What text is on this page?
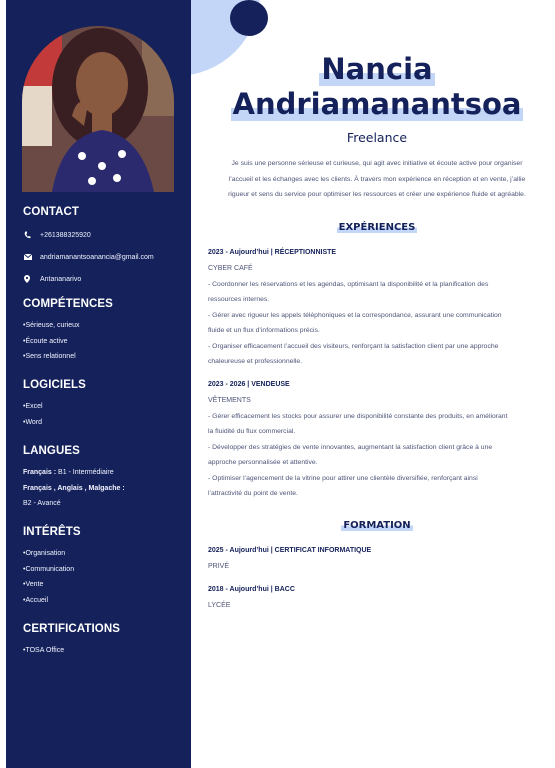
CONTACT
+261388325920
andriamanantsoanancia@gmail.com
Antananarivo
COMPÉTENCES
• Sérieuse, curieux
• Écoute active
• Sens relationnel
LOGICIELS
• Excel
• Word
LANGUES
Français : B1 - Intermédiaire
Français , Anglais , Malgache :
B2 - Avancé
INTÉRÊTS
• Organisation
• Communication
• Vente
• Accueil
CERTIFICATIONS
• TOSA Office
Nancia
Andriamanantsoa
Freelance
Je suis une personne sérieuse et curieuse, qui agit avec initiative et écoute active pour organiser
l’accueil et les échanges avec les clients. À travers mon expérience en réception et en vente, j’allie
rigueur et sens du service pour optimiser les ressources et créer une expérience fluide et agréable.
EXPÉRIENCES
2023 - Aujourd’hui | RÉCEPTIONNISTE
CYBER CAFÉ
- Coordonner les réservations et les agendas, optimisant la disponibilité et la planification des
ressources internes.
- Gérer avec rigueur les appels téléphoniques et la correspondance, assurant une communication
fluide et un flux d’informations précis.
- Organiser efficacement l’accueil des visiteurs, renforçant la satisfaction client par une approche
chaleureuse et professionnelle.
2023 - 2026 | VENDEUSE
VÊTEMENTS
- Gérer efficacement les stocks pour assurer une disponibilité constante des produits, en améliorant
la fluidité du flux commercial.
- Développer des stratégies de vente innovantes, augmentant la satisfaction client grâce à une
approche personnalisée et attentive.
- Optimiser l’agencement de la vitrine pour attirer une clientèle diversifiée, renforçant ainsi
l’attractivité du point de vente.
FORMATION
2025 - Aujourd’hui | CERTIFICAT INFORMATIQUE
PRIVÉ
2018 - Aujourd’hui | BACC
LYCÉE
